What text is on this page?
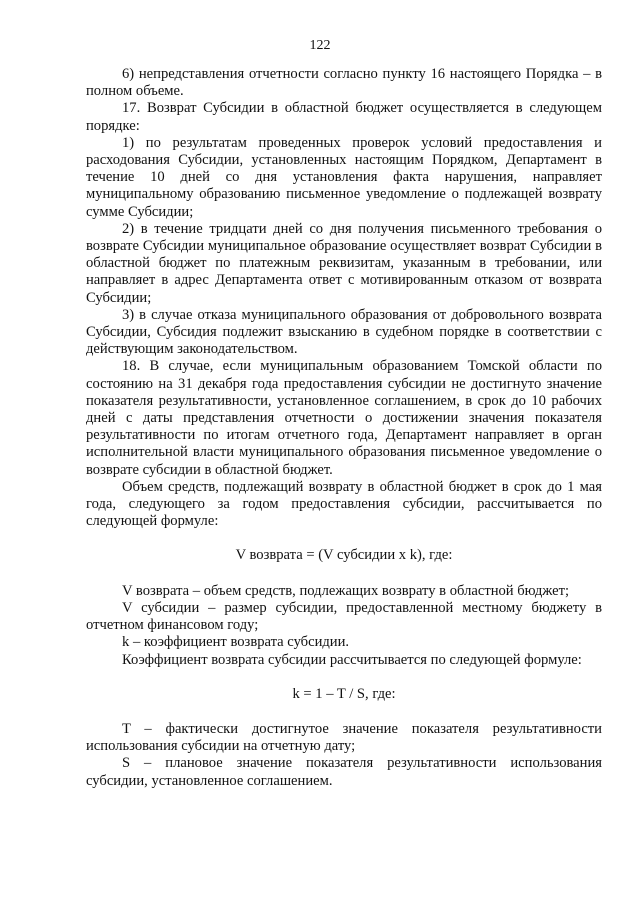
122

6) непредставления отчетности согласно пункту 16 настоящего Порядка – в полном объеме.

17. Возврат Субсидии в областной бюджет осуществляется в следующем порядке:

1) по результатам проведенных проверок условий предоставления и расходования Субсидии, установленных настоящим Порядком, Департамент в течение 10 дней со дня установления факта нарушения, направляет муниципальному образованию письменное уведомление о подлежащей возврату сумме Субсидии;

2) в течение тридцати дней со дня получения письменного требования о возврате Субсидии муниципальное образование осуществляет возврат Субсидии в областной бюджет по платежным реквизитам, указанным в требовании, или направляет в адрес Департамента ответ с мотивированным отказом от возврата Субсидии;

3) в случае отказа муниципального образования от добровольного возврата Субсидии, Субсидия подлежит взысканию в судебном порядке в соответствии с действующим законодательством.

18. В случае, если муниципальным образованием Томской области по состоянию на 31 декабря года предоставления субсидии не достигнуто значение показателя результативности, установленное соглашением, в срок до 10 рабочих дней с даты представления отчетности о достижении значения показателя результативности по итогам отчетного года, Департамент направляет в орган исполнительной власти муниципального образования письменное уведомление о возврате субсидии в областной бюджет.

Объем средств, подлежащий возврату в областной бюджет в срок до 1 мая года, следующего за годом предоставления субсидии, рассчитывается по следующей формуле:

V возврата = (V субсидии x k), где:

V возврата – объем средств, подлежащих возврату в областной бюджет;

V субсидии – размер субсидии, предоставленной местному бюджету в отчетном финансовом году;

k – коэффициент возврата субсидии.

Коэффициент возврата субсидии рассчитывается по следующей формуле:

k = 1 – T / S, где:

T – фактически достигнутое значение показателя результативности использования субсидии на отчетную дату;

S – плановое значение показателя результативности использования субсидии, установленное соглашением.
